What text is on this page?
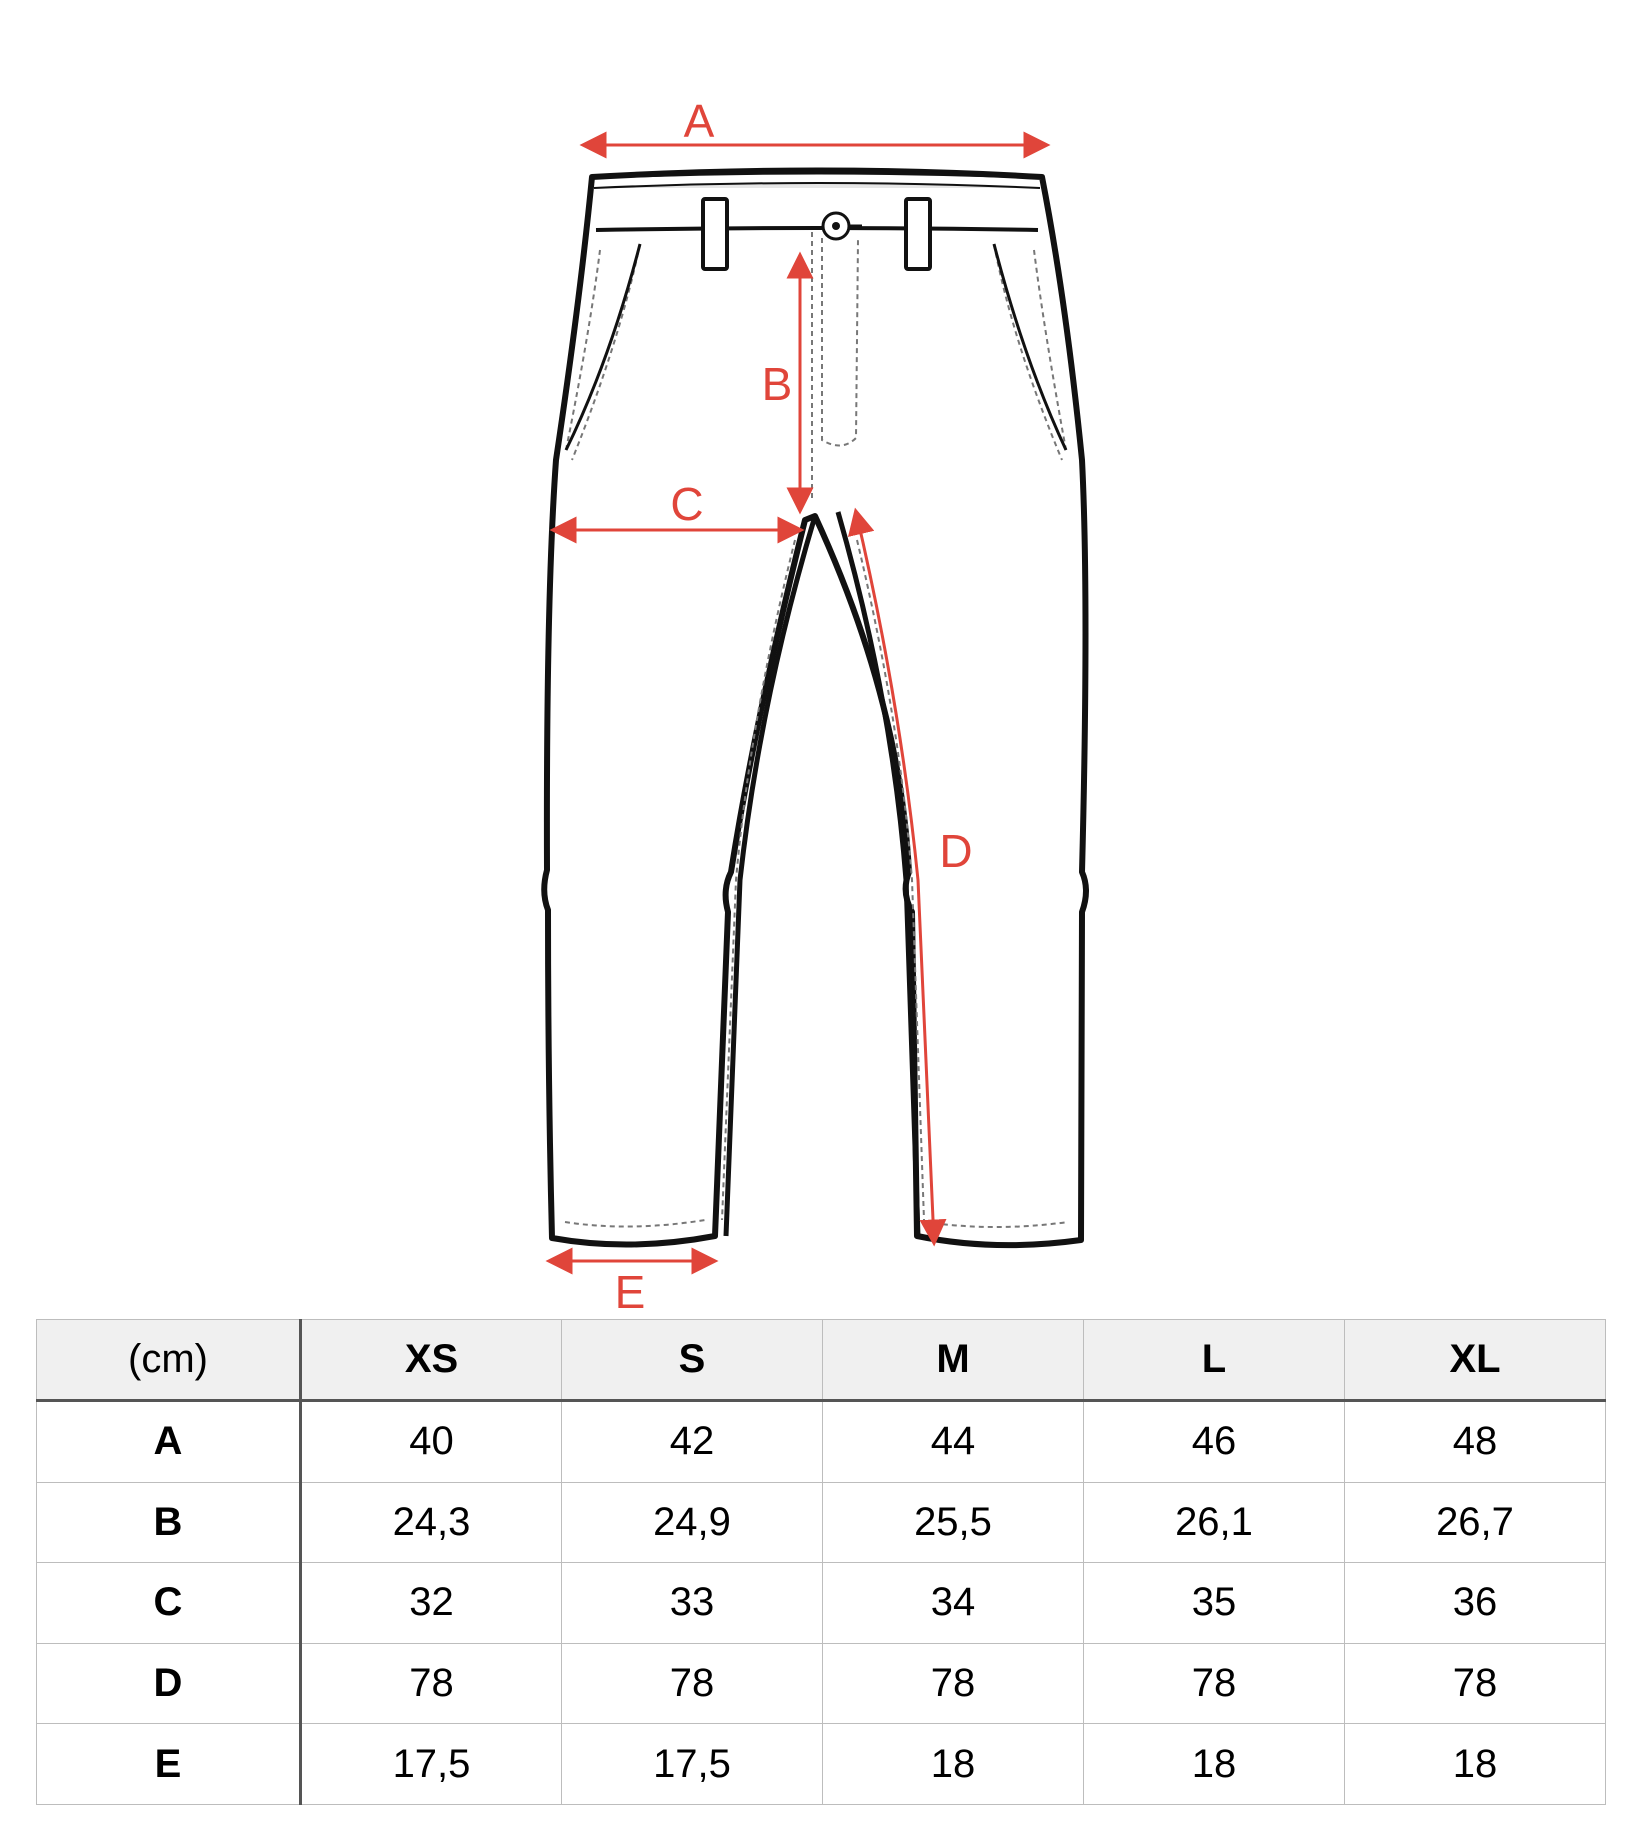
A
B
C
D
E
(cm)	XS	S	M	L	XL
A	40	42	44	46	48
B	24,3	24,9	25,5	26,1	26,7
C	32	33	34	35	36
D	78	78	78	78	78
E	17,5	17,5	18	18	18
